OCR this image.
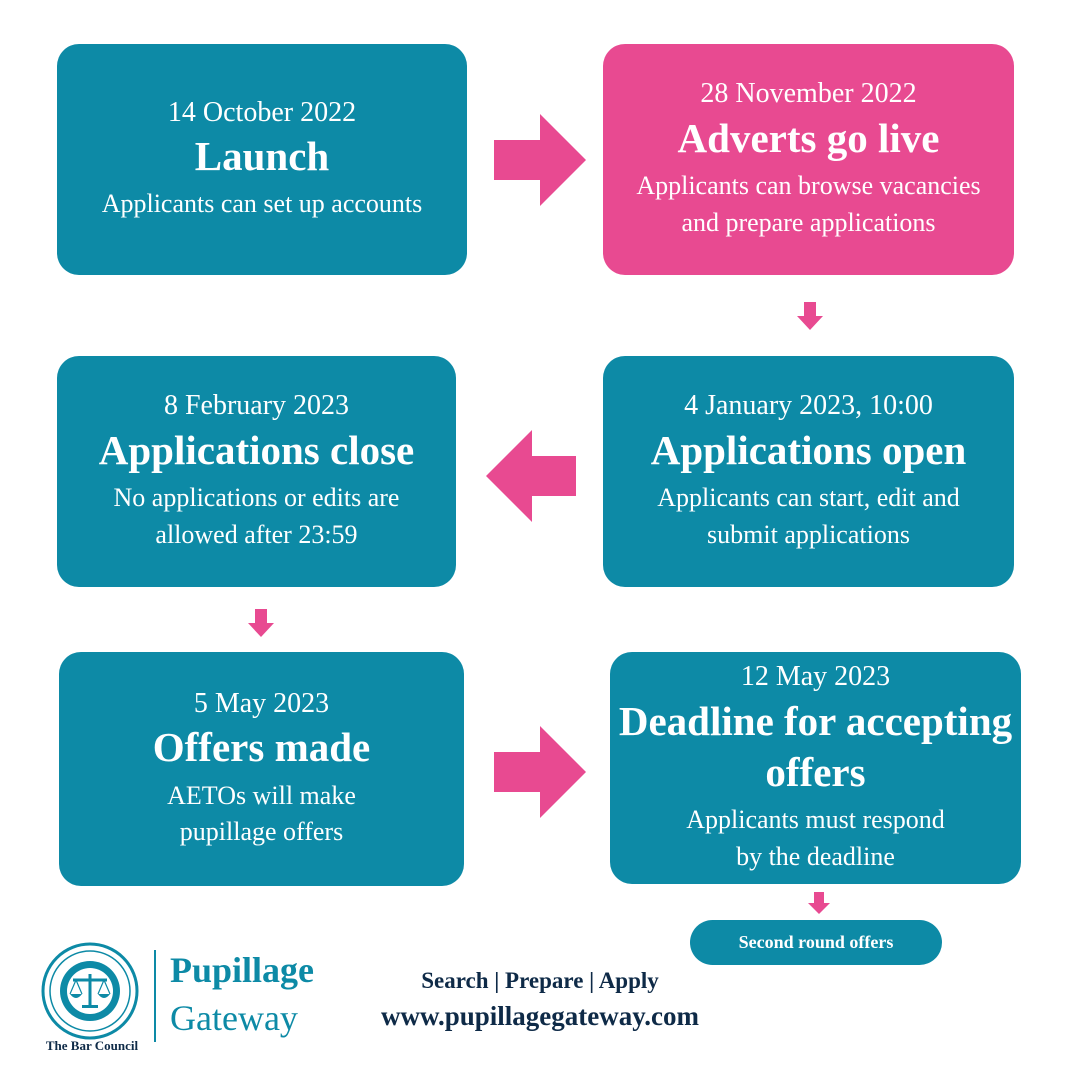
14 October 2022
Launch
Applicants can set up accounts
28 November 2022
Adverts go live
Applicants can browse vacancies
and prepare applications
8 February 2023
Applications close
No applications or edits are
allowed after 23:59
4 January 2023, 10:00
Applications open
Applicants can start, edit and
submit applications
5 May 2023
Offers made
AETOs will make
pupillage offers
12 May 2023
Deadline for accepting
offers
Applicants must respond
by the deadline
Second round offers
The Bar Council
Pupillage
Gateway
Search | Prepare | Apply
www.pupillagegateway.com
